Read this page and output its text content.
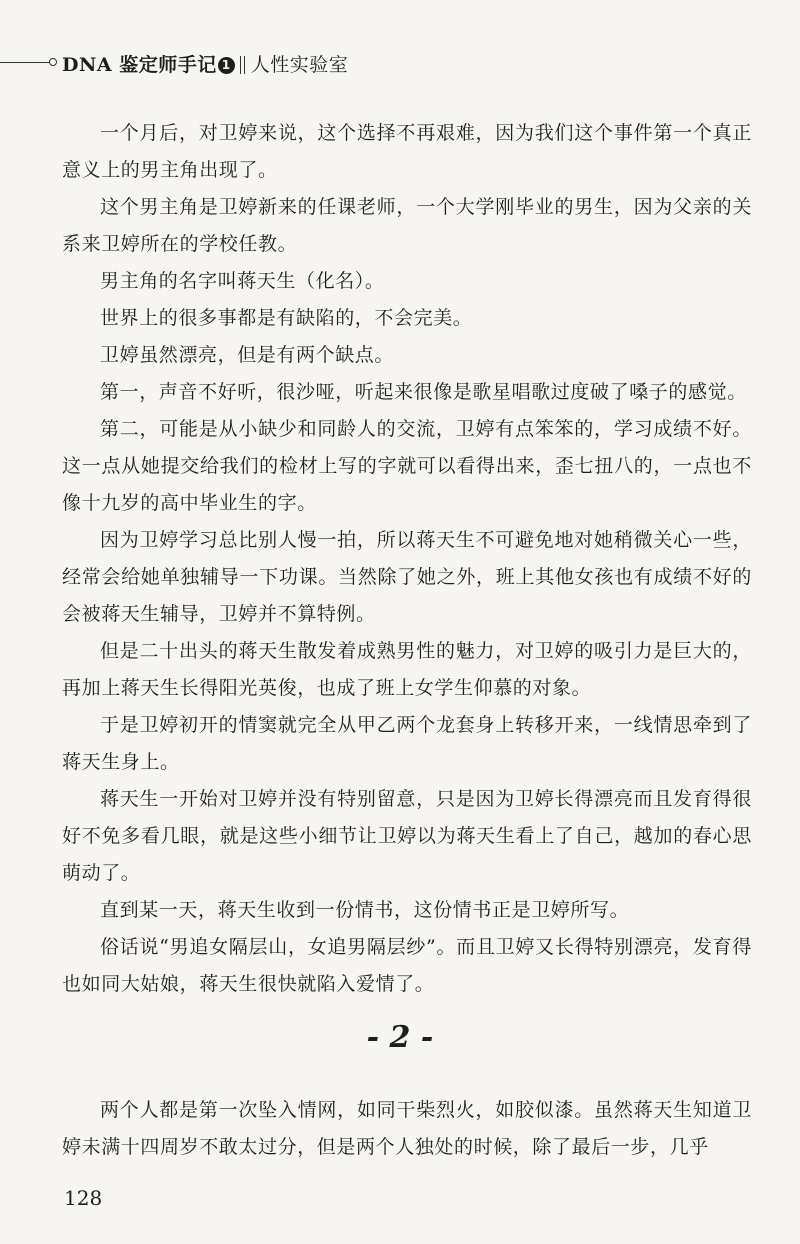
DNA 鉴定师手记 1 人性实验室

一个月后，对卫婷来说，这个选择不再艰难，因为我们这个事件第一个真正意义上的男主角出现了。

这个男主角是卫婷新来的任课老师，一个大学刚毕业的男生，因为父亲的关系来卫婷所在的学校任教。

男主角的名字叫蒋天生（化名）。

世界上的很多事都是有缺陷的，不会完美。

卫婷虽然漂亮，但是有两个缺点。

第一，声音不好听，很沙哑，听起来很像是歌星唱歌过度破了嗓子的感觉。

第二，可能是从小缺少和同龄人的交流，卫婷有点笨笨的，学习成绩不好。这一点从她提交给我们的检材上写的字就可以看得出来，歪七扭八的，一点也不像十九岁的高中毕业生的字。

因为卫婷学习总比别人慢一拍，所以蒋天生不可避免地对她稍微关心一些，经常会给她单独辅导一下功课。当然除了她之外，班上其他女孩也有成绩不好的会被蒋天生辅导，卫婷并不算特例。

但是二十出头的蒋天生散发着成熟男性的魅力，对卫婷的吸引力是巨大的，再加上蒋天生长得阳光英俊，也成了班上女学生仰慕的对象。

于是卫婷初开的情窦就完全从甲乙两个龙套身上转移开来，一线情思牵到了蒋天生身上。

蒋天生一开始对卫婷并没有特别留意，只是因为卫婷长得漂亮而且发育得很好不免多看几眼，就是这些小细节让卫婷以为蒋天生看上了自己，越加的春心思萌动了。

直到某一天，蒋天生收到一份情书，这份情书正是卫婷所写。

俗话说“男追女隔层山，女追男隔层纱”。而且卫婷又长得特别漂亮，发育得也如同大姑娘，蒋天生很快就陷入爱情了。

- 2 -

两个人都是第一次坠入情网，如同干柴烈火，如胶似漆。虽然蒋天生知道卫婷未满十四周岁不敢太过分，但是两个人独处的时候，除了最后一步，几乎

128
